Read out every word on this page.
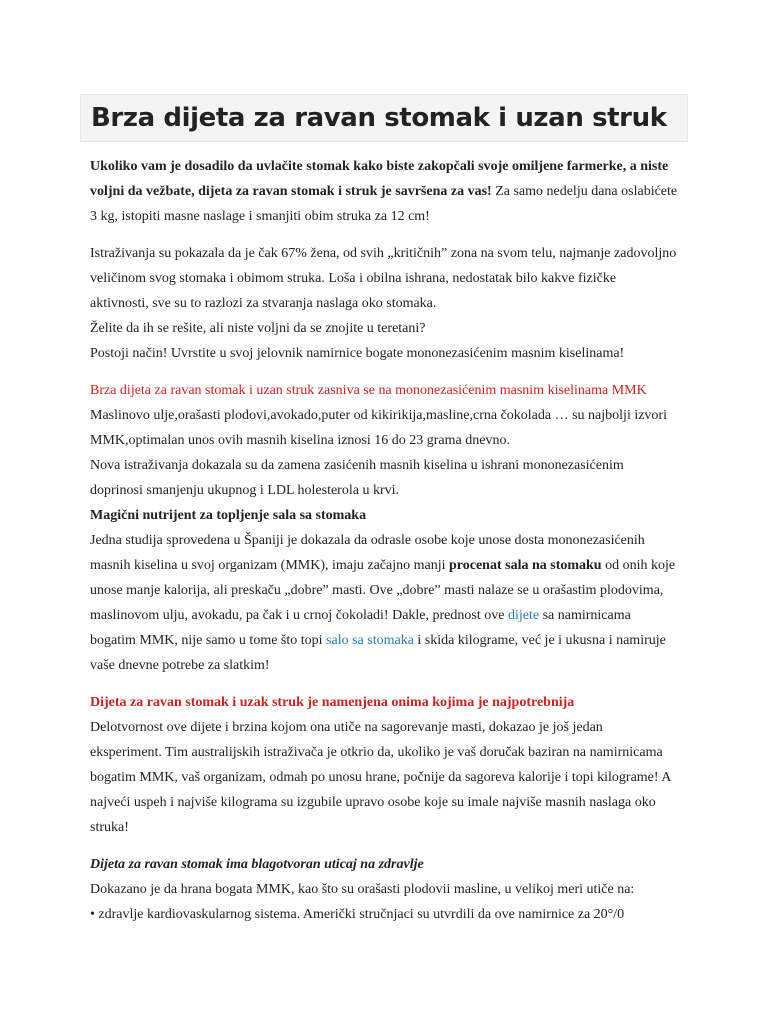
Brza dijeta za ravan stomak i uzan struk

Ukoliko vam je dosadilo da uvlačite stomak kako biste zakopčali svoje omiljene farmerke, a niste voljni da vežbate, dijeta za ravan stomak i struk je savršena za vas! Za samo nedelju dana oslabićete 3 kg, istopiti masne naslage i smanjiti obim struka za 12 cm!

Istraživanja su pokazala da je čak 67% žena, od svih „kritičnih” zona na svom telu, najmanje zadovoljno veličinom svog stomaka i obimom struka. Loša i obilna ishrana, nedostatak bilo kakve fizičke aktivnosti, sve su to razlozi za stvaranja naslaga oko stomaka.

Želite da ih se rešite, ali niste voljni da se znojite u teretani?

Postoji način! Uvrstite u svoj jelovnik namirnice bogate mononezasićenim masnim kiselinama!

Brza dijeta za ravan stomak i uzan struk zasniva se na mononezasićenim masnim kiselinama MMK

Maslinovo ulje,orašasti plodovi,avokado,puter od kikirikija,masline,crna čokolada … su najbolji izvori MMK,optimalan unos ovih masnih kiselina iznosi 16 do 23 grama dnevno.

Nova istraživanja dokazala su da zamena zasićenih masnih kiselina u ishrani mononezasićenim doprinosi smanjenju ukupnog i LDL holesterola u krvi.

Magični nutrijent za topljenje sala sa stomaka

Jedna studija sprovedena u Španiji je dokazala da odrasle osobe koje unose dosta mononezasićenih masnih kiselina u svoj organizam (MMK), imaju začajno manji procenat sala na stomaku od onih koje unose manje kalorija, ali preskaču „dobre” masti. Ove „dobre” masti nalaze se u orašastim plodovima, maslinovom ulju, avokadu, pa čak i u crnoj čokoladi! Dakle, prednost ove dijete sa namirnicama bogatim MMK, nije samo u tome što topi salo sa stomaka i skida kilograme, već je i ukusna i namiruje vaše dnevne potrebe za slatkim!

Dijeta za ravan stomak i uzak struk je namenjena onima kojima je najpotrebnija

Delotvornost ove dijete i brzina kojom ona utiče na sagorevanje masti, dokazao je još jedan eksperiment. Tim australijskih istraživača je otkrio da, ukoliko je vaš doručak baziran na namirnicama bogatim MMK, vaš organizam, odmah po unosu hrane, počnije da sagoreva kalorije i topi kilograme! A najveći uspeh i najviše kilograma su izgubile upravo osobe koje su imale najviše masnih naslaga oko struka!

Dijeta za ravan stomak ima blagotvoran uticaj na zdravlje

Dokazano je da hrana bogata MMK, kao što su orašasti plodovii masline, u velikoj meri utiče na:

• zdravlje kardiovaskularnog sistema. Američki stručnjaci su utvrdili da ove namirnice za 20°/0
